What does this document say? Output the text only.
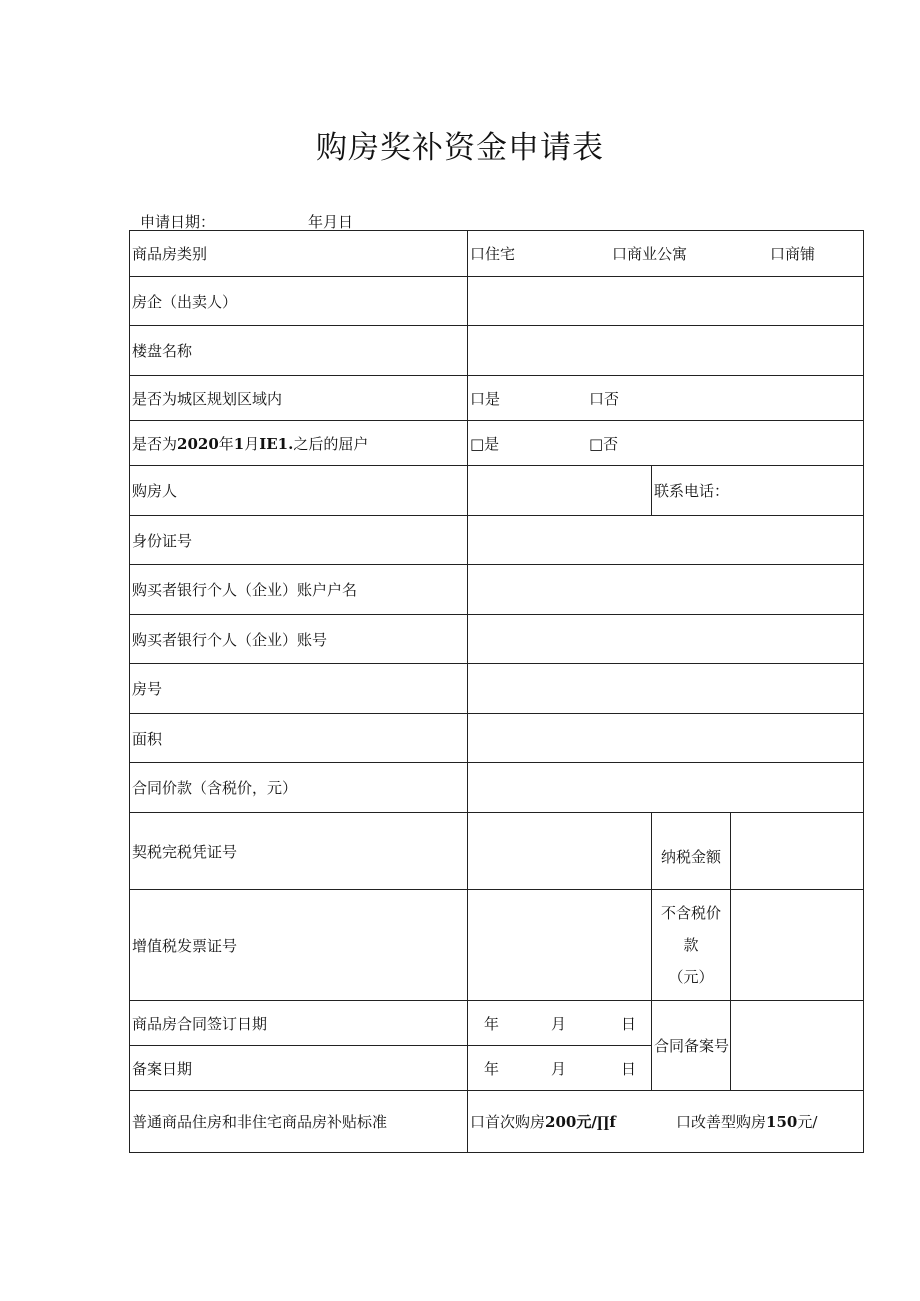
购房奖补资金申请表
申请日期：	年月日
商品房类别	口住宅 口商业公寓 口商铺		

房企（出卖人）			
楼盘名称			
是否为城区规划区域内	口是 口否		

是否为2020年1月IE1.之后的屈户	□是 □否		

购房人		联系电话：	
身份证号			
购买者银行个人（企业）账户户名			
购买者银行个人（企业）账号			
房号			
面积			
合同价款（含税价，元）			
契税完税凭证号		纳税金额	
增值税发票证号		不含税价款
（元）	

商品房合同签订日期	年 月 日	合同备案号	
备案日期	年 月 日		

普通商品住房和非住宅商品房补贴标准	口首次购房200元/∏f 口改善型购房150元/		
